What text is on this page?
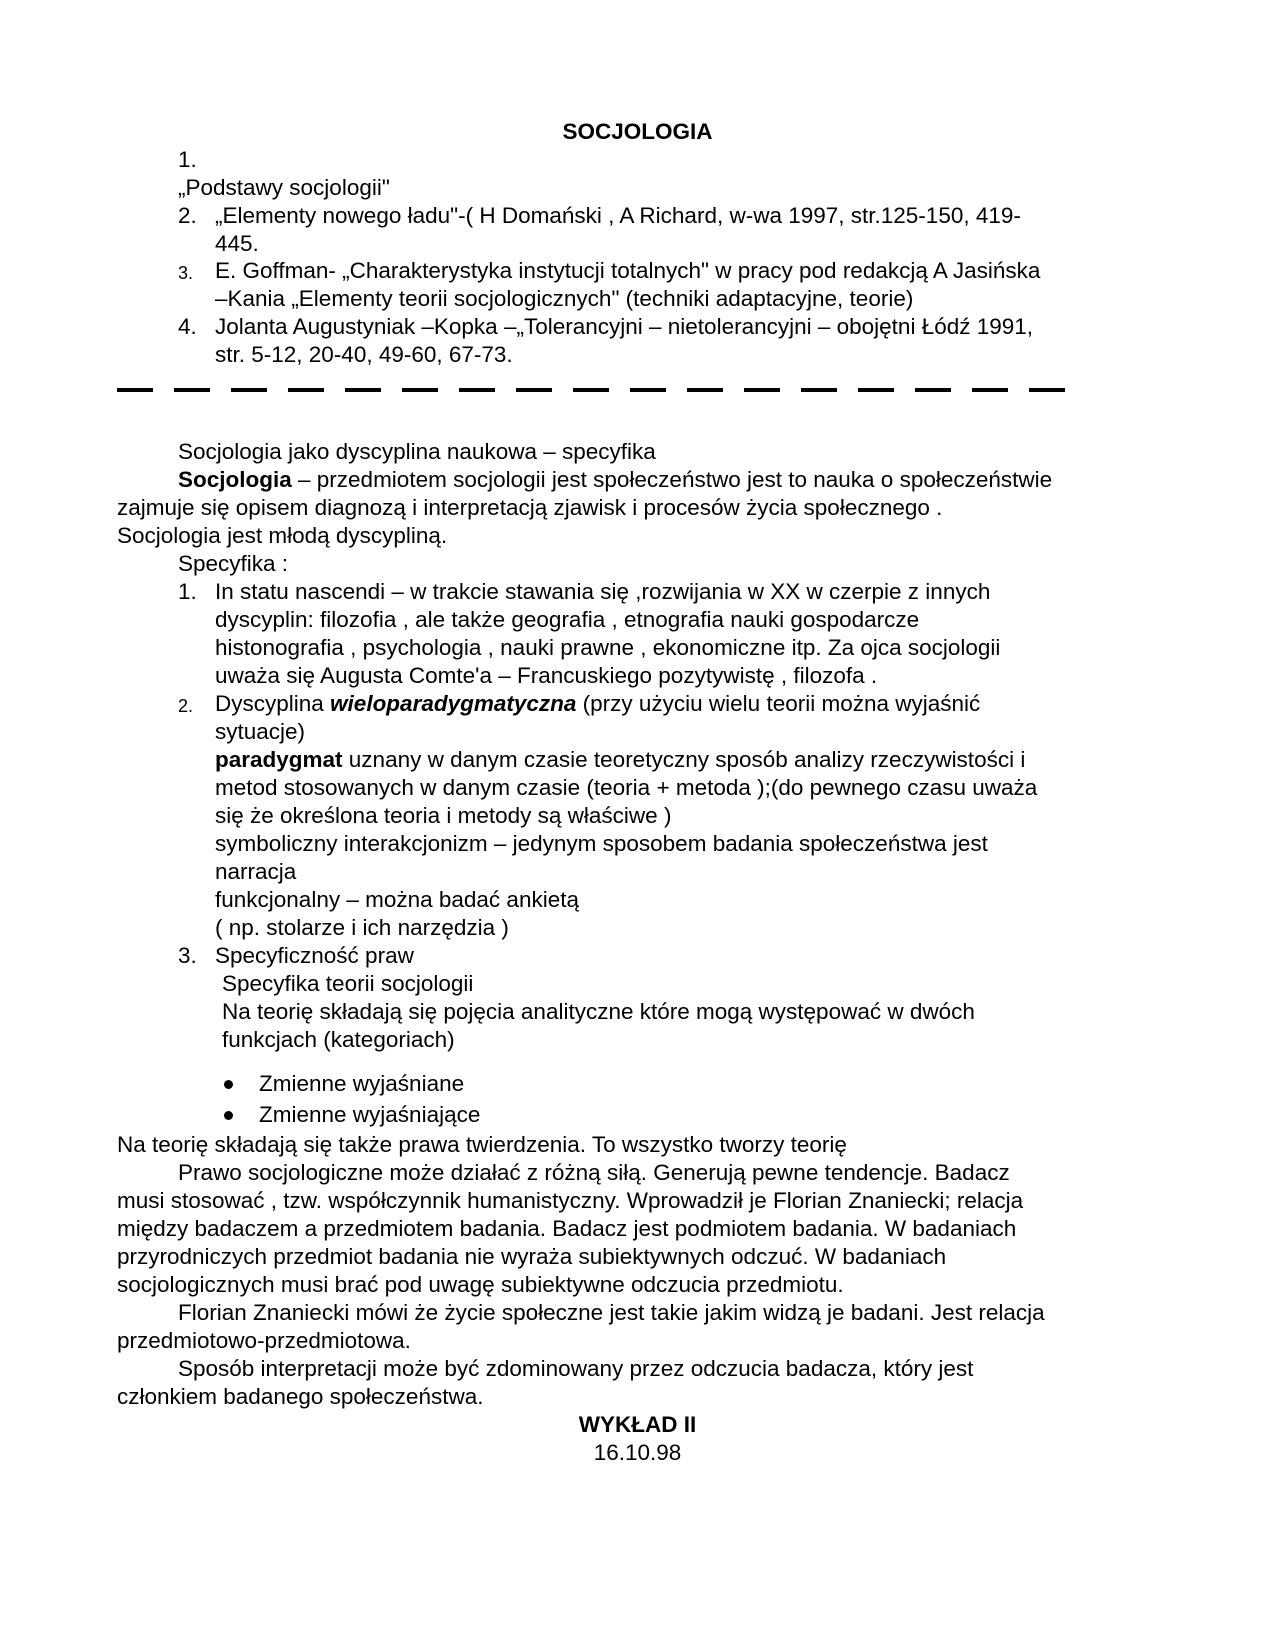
SOCJOLOGIA
1.
„Podstawy socjologii"
2. „Elementy nowego ładu"-( H Domański , A Richard, w-wa 1997, str.125-150, 419-
445.
3. E. Goffman- „Charakterystyka instytucji totalnych" w pracy pod redakcją A Jasińska
–Kania „Elementy teorii socjologicznych" (techniki adaptacyjne, teorie)
4. Jolanta Augustyniak –Kopka –„Tolerancyjni – nietolerancyjni – obojętni Łódź 1991,
str. 5-12, 20-40, 49-60, 67-73.
Socjologia jako dyscyplina naukowa – specyfika
Socjologia – przedmiotem socjologii jest społeczeństwo jest to nauka o społeczeństwie
zajmuje się opisem diagnozą i interpretacją zjawisk i procesów życia społecznego .
Socjologia jest młodą dyscypliną.
Specyfika :
1. In statu nascendi – w trakcie stawania się ,rozwijania w XX w czerpie z innych
dyscyplin: filozofia , ale także geografia , etnografia nauki gospodarcze
histonografia , psychologia , nauki prawne , ekonomiczne itp. Za ojca socjologii
uważa się Augusta Comte'a – Francuskiego pozytywistę , filozofa .
2. Dyscyplina wieloparadygmatyczna (przy użyciu wielu teorii można wyjaśnić
sytuacje)
paradygmat uznany w danym czasie teoretyczny sposób analizy rzeczywistości i
metod stosowanych w danym czasie (teoria + metoda );(do pewnego czasu uważa
się że określona teoria i metody są właściwe )
symboliczny interakcjonizm – jedynym sposobem badania społeczeństwa jest
narracja
funkcjonalny – można badać ankietą
( np. stolarze i ich narzędzia )
3. Specyficzność praw
Specyfika teorii socjologii
Na teorię składają się pojęcia analityczne które mogą występować w dwóch
funkcjach (kategoriach)
Zmienne wyjaśniane
Zmienne wyjaśniające
Na teorię składają się także prawa twierdzenia. To wszystko tworzy teorię
Prawo socjologiczne może działać z różną siłą. Generują pewne tendencje. Badacz
musi stosować , tzw. współczynnik humanistyczny. Wprowadził je Florian Znaniecki; relacja
między badaczem a przedmiotem badania. Badacz jest podmiotem badania. W badaniach
przyrodniczych przedmiot badania nie wyraża subiektywnych odczuć. W badaniach
socjologicznych musi brać pod uwagę subiektywne odczucia przedmiotu.
Florian Znaniecki mówi że życie społeczne jest takie jakim widzą je badani. Jest relacja
przedmiotowo-przedmiotowa.
Sposób interpretacji może być zdominowany przez odczucia badacza, który jest
członkiem badanego społeczeństwa.
WYKŁAD II
16.10.98
